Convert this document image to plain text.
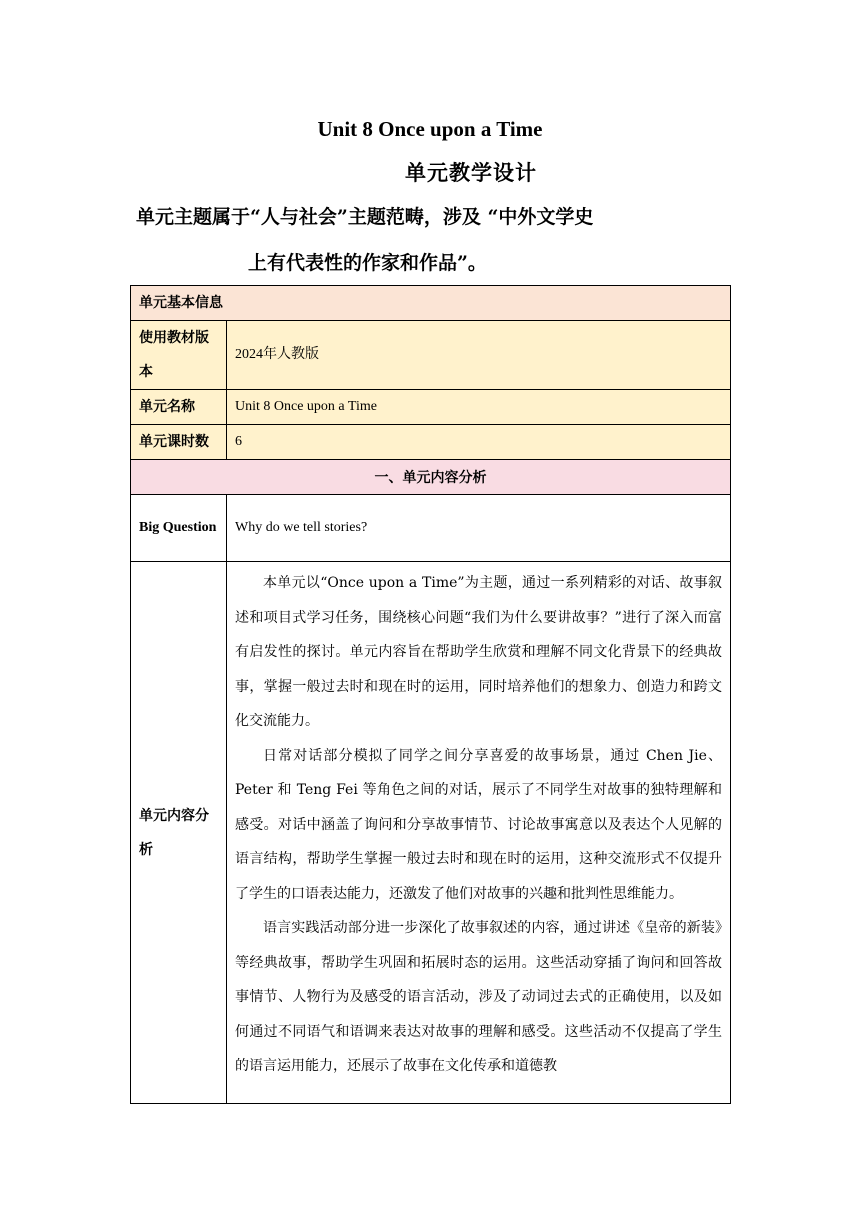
Unit 8 Once upon a Time
单元教学设计
单元主题属于“人与社会”主题范畴，涉及 “中外文学史
上有代表性的作家和作品”。
单元基本信息	
使用教材版本	2024年人教版
单元名称	Unit 8 Once upon a Time
单元课时数	6
一、单元内容分析	
Big Question	Why do we tell stories?
单元内容分析	本单元以“Once upon a Time”为主题，通过一系列精彩的对话、故事叙述和项目式学习任务，围绕核心问题“我们为什么要讲故事？”进行了深入而富有启发性的探讨。单元内容旨在帮助学生欣赏和理解不同文化背景下的经典故事，掌握一般过去时和现在时的运用，同时培养他们的想象力、创造力和跨文化交流能力。

日常对话部分模拟了同学之间分享喜爱的故事场景，通过 Chen Jie、Peter 和 Teng Fei 等角色之间的对话，展示了不同学生对故事的独特理解和感受。对话中涵盖了询问和分享故事情节、讨论故事寓意以及表达个人见解的语言结构，帮助学生掌握一般过去时和现在时的运用，这种交流形式不仅提升了学生的口语表达能力，还激发了他们对故事的兴趣和批判性思维能力。

语言实践活动部分进一步深化了故事叙述的内容，通过讲述《皇帝的新装》等经典故事，帮助学生巩固和拓展时态的运用。这些活动穿插了询问和回答故事情节、人物行为及感受的语言活动，涉及了动词过去式的正确使用，以及如何通过不同语气和语调来表达对故事的理解和感受。这些活动不仅提高了学生的语言运用能力，还展示了故事在文化传承和道德教
